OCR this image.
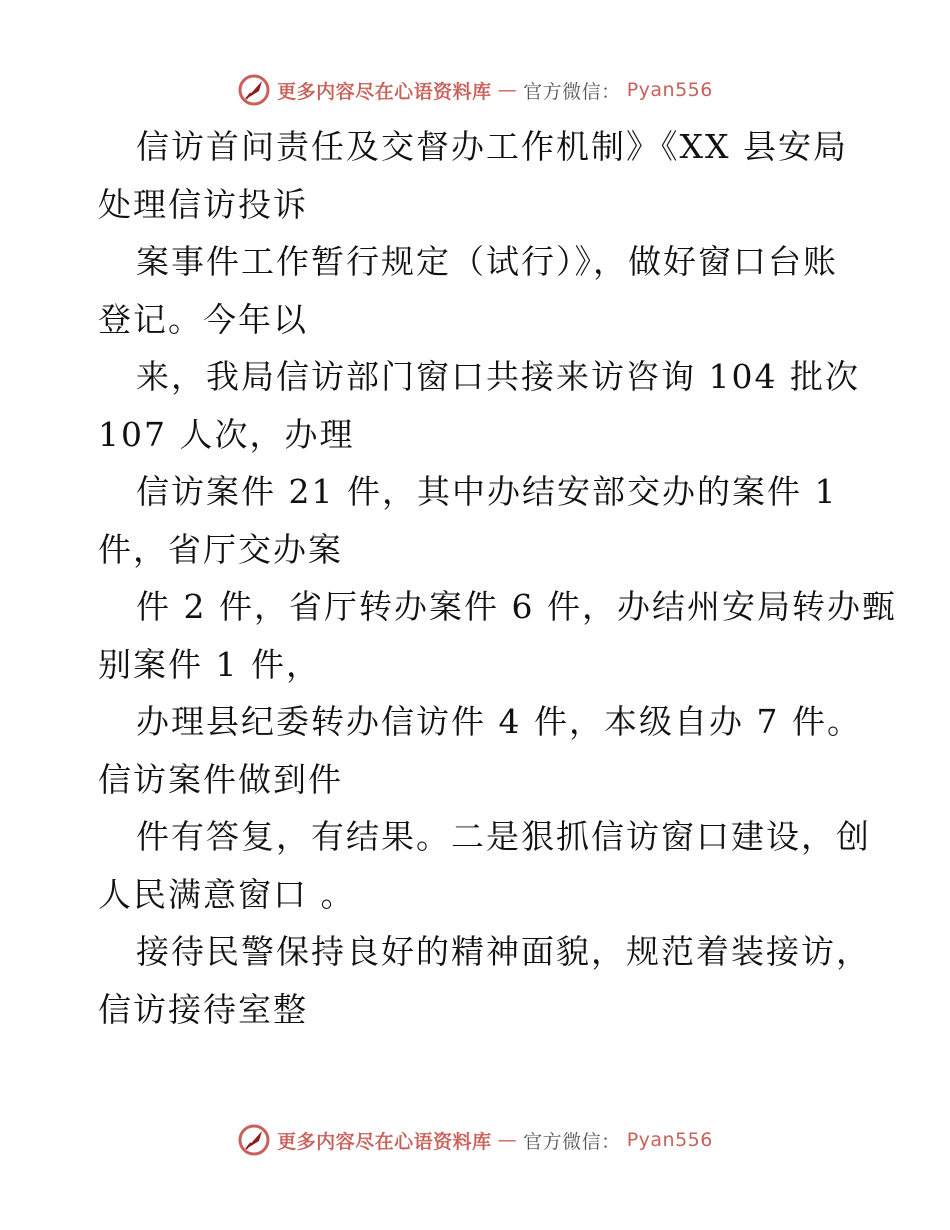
更多内容尽在心语资料库 — 官方微信： Pyan556
信访首问责任及交督办工作机制》《XX 县安局
处理信访投诉
案事件工作暂行规定（试行）》，做好窗口台账
登记。今年以
来，我局信访部门窗口共接来访咨询 104 批次
107 人次，办理
信访案件 21 件，其中办结安部交办的案件 1
件，省厅交办案
件 2 件，省厅转办案件 6 件，办结州安局转办甄
别案件 1 件，
办理县纪委转办信访件 4 件，本级自办 7 件。
信访案件做到件
件有答复，有结果。二是狠抓信访窗口建设，创
人民满意窗口 。
接待民警保持良好的精神面貌，规范着装接访，
信访接待室整
更多内容尽在心语资料库 — 官方微信： Pyan556
